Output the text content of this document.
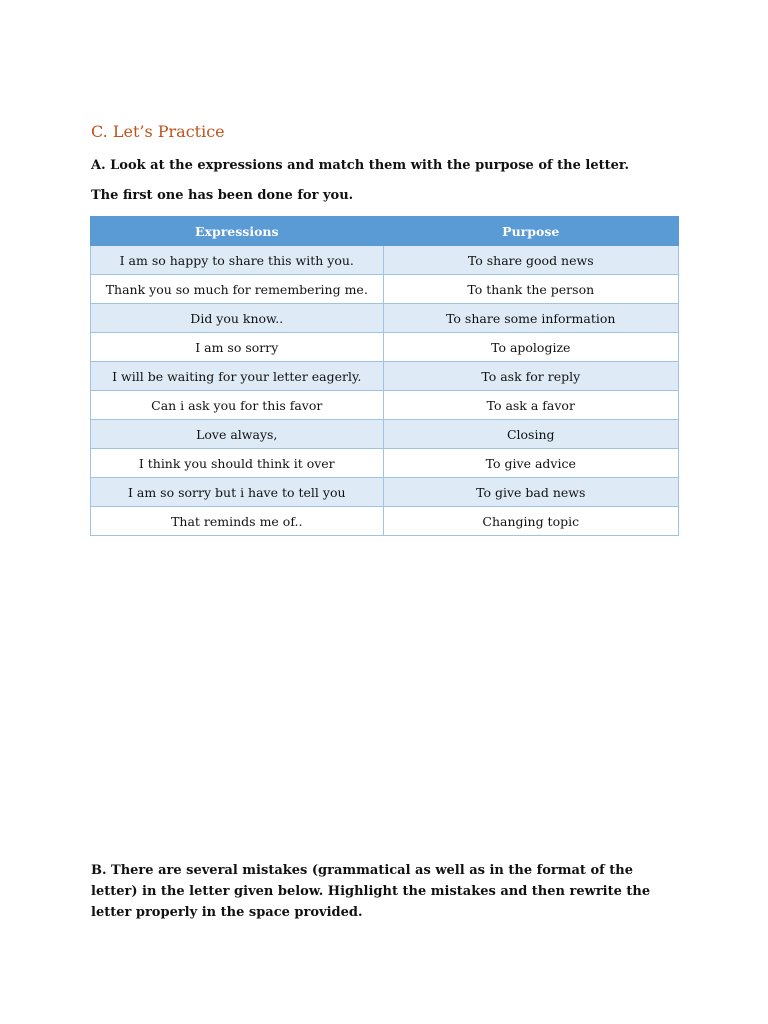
C. Let’s Practice
A. Look at the expressions and match them with the purpose of the letter.
The first one has been done for you.
Expressions	Purpose
I am so happy to share this with you.	To share good news
Thank you so much for remembering me.	To thank the person
Did you know..	To share some information
I am so sorry	To apologize
I will be waiting for your letter eagerly.	To ask for reply
Can i ask you for this favor	To ask a favor
Love always,	Closing
I think you should think it over	To give advice
I am so sorry but i have to tell you	To give bad news
That reminds me of..	Changing topic
B. There are several mistakes (grammatical as well as in the format of the letter) in the letter given below. Highlight the mistakes and then rewrite the letter properly in the space provided.
